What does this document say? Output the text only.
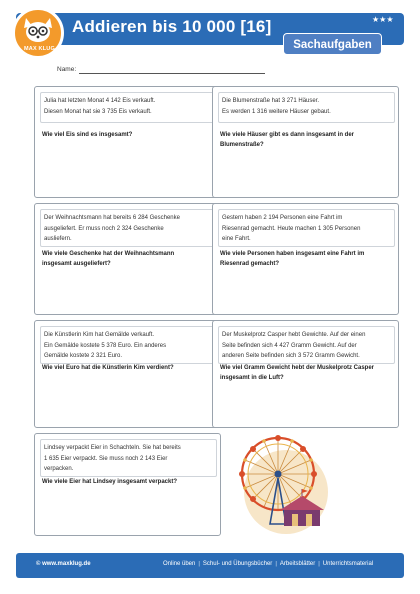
Addieren bis 10 000 [16]	★★★
MAX KLUG	Sachaufgaben
Name:
Julia hat letzten Monat 4 142 Eis verkauft.
Diesen Monat hat sie 3 735 Eis verkauft.
Wie viel Eis sind es insgesamt?
Die Blumenstraße hat 3 271 Häuser.
Es werden 1 316 weitere Häuser gebaut.
Wie viele Häuser gibt es dann insgesamt in der
Blumenstraße?
Der Weihnachtsmann hat bereits 6 284 Geschenke
ausgeliefert. Er muss noch 2 324 Geschenke
ausliefern.
Wie viele Geschenke hat der Weihnachtsmann
insgesamt ausgeliefert?
Gestern haben 2 194 Personen eine Fahrt im
Riesenrad gemacht. Heute machen 1 305 Personen
eine Fahrt.
Wie viele Personen haben insgesamt eine Fahrt im
Riesenrad gemacht?
Die Künstlerin Kim hat Gemälde verkauft.
Ein Gemälde kostete 5 378 Euro. Ein anderes
Gemälde kostete 2 321 Euro.
Wie viel Euro hat die Künstlerin Kim verdient?
Der Muskelprotz Casper hebt Gewichte. Auf der einen
Seite befinden sich 4 427 Gramm Gewicht. Auf der
anderen Seite befinden sich 3 572 Gramm Gewicht.
Wie viel Gramm Gewicht hebt der Muskelprotz Casper
insgesamt in die Luft?
Lindsey verpackt Eier in Schachteln. Sie hat bereits
1 635 Eier verpackt. Sie muss noch 2 143 Eier
verpacken.
Wie viele Eier hat Lindsey insgesamt verpackt?
© www.maxklug.de	Online üben | Schul- und Übungsbücher | Arbeitsblätter | Unterrichtsmaterial
